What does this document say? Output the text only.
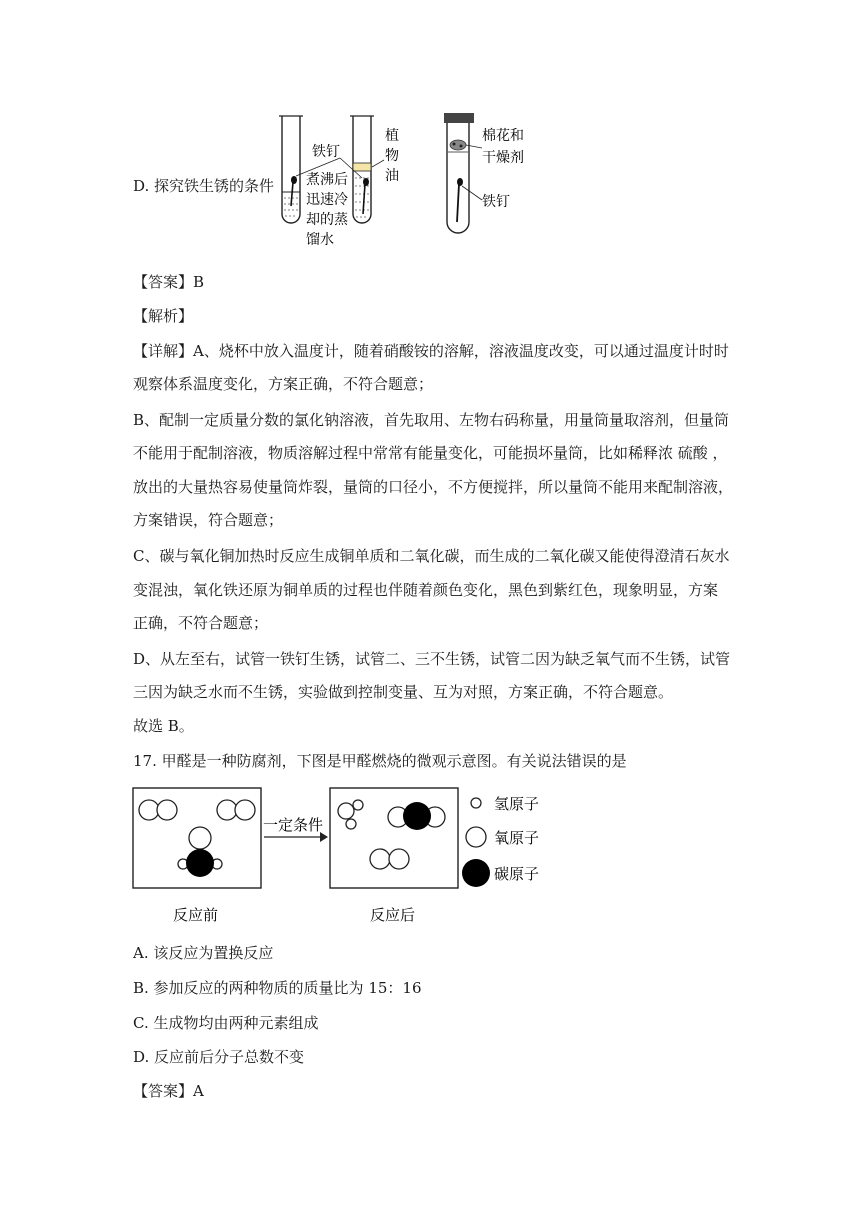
D. 探究铁生锈的条件
铁钉
煮沸后
迅速冷
却的蒸
馏水
植
物
油
棉花和
干燥剂
铁钉
【答案】B
【解析】
【详解】A、烧杯中放入温度计，随着硝酸铵的溶解，溶液温度改变，可以通过温度计时时
观察体系温度变化，方案正确，不符合题意；
B、配制一定质量分数的氯化钠溶液，首先取用、左物右码称量，用量筒量取溶剂，但量筒
不能用于配制溶液，物质溶解过程中常常有能量变化，可能损坏量筒，比如稀释浓 硫酸 ，
放出的大量热容易使量筒炸裂，量筒的口径小，不方便搅拌，所以量筒不能用来配制溶液，
方案错误，符合题意；
C、碳与氧化铜加热时反应生成铜单质和二氧化碳，而生成的二氧化碳又能使得澄清石灰水
变混浊，氧化铁还原为铜单质的过程也伴随着颜色变化，黑色到紫红色，现象明显，方案
正确，不符合题意；
D、从左至右，试管一铁钉生锈，试管二、三不生锈，试管二因为缺乏氧气而不生锈，试管
三因为缺乏水而不生锈，实验做到控制变量、互为对照，方案正确，不符合题意。
故选 B。
17. 甲醛是一种防腐剂，下图是甲醛燃烧的微观示意图。有关说法错误的是
一定条件
氢原子
氧原子
碳原子
反应前	反应后
A. 该反应为置换反应
B. 参加反应的两种物质的质量比为 15：16
C. 生成物均由两种元素组成
D. 反应前后分子总数不变
【答案】A
